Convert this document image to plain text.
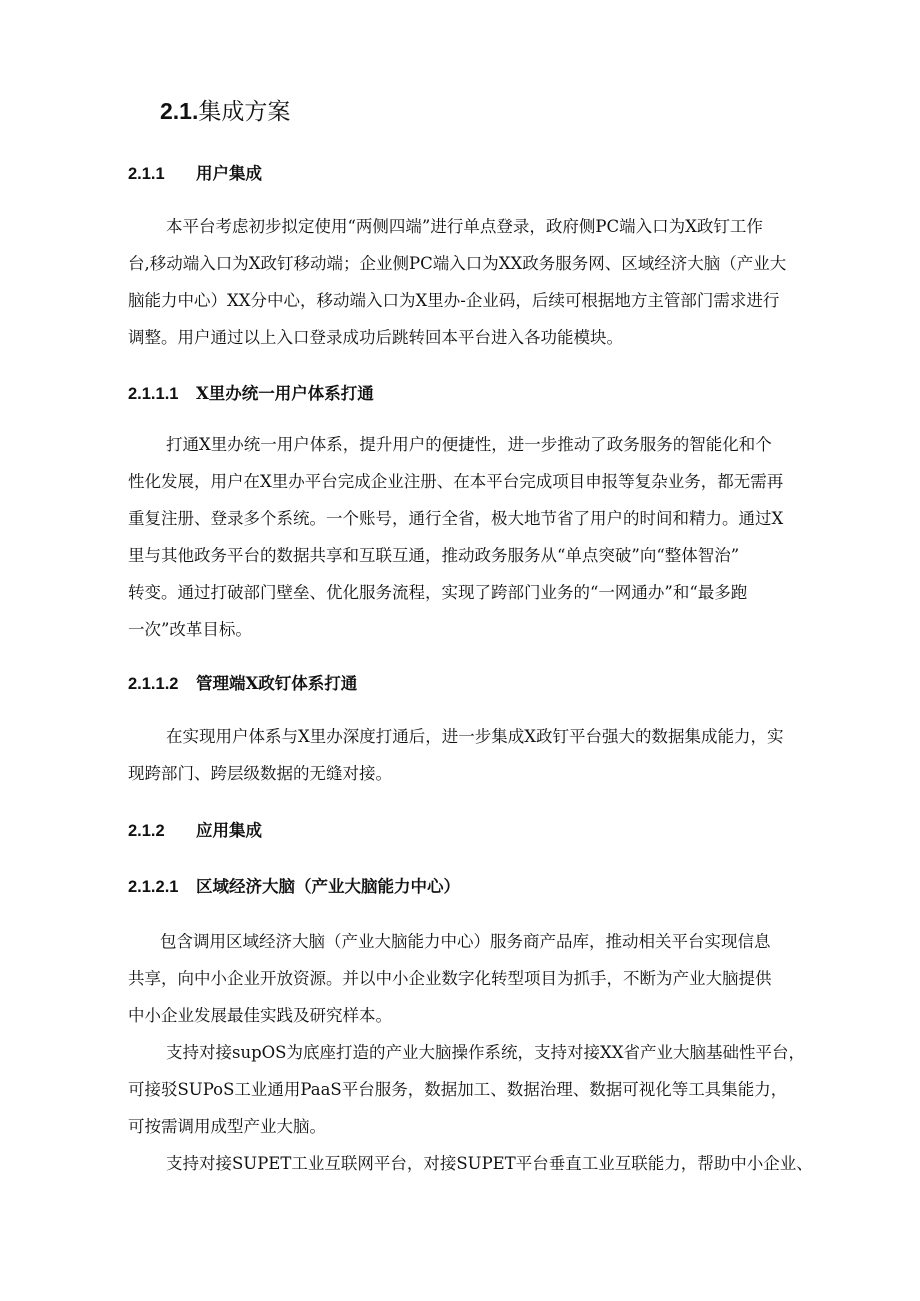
2.1.集成方案
2.1.1 用户集成
本平台考虑初步拟定使用“两侧四端”进行单点登录，政府侧PC端入口为X政钉工作
台,移动端入口为X政钉移动端；企业侧PC端入口为XX政务服务网、区域经济大脑（产业大
脑能力中心）XX分中心，移动端入口为X里办-企业码，后续可根据地方主管部门需求进行
调整。用户通过以上入口登录成功后跳转回本平台进入各功能模块。
2.1.1.1 X里办统一用户体系打通
打通X里办统一用户体系，提升用户的便捷性，进一步推动了政务服务的智能化和个
性化发展，用户在X里办平台完成企业注册、在本平台完成项目申报等复杂业务，都无需再
重复注册、登录多个系统。一个账号，通行全省，极大地节省了用户的时间和精力。通过X
里与其他政务平台的数据共享和互联互通，推动政务服务从“单点突破”向“整体智治”
转变。通过打破部门壁垒、优化服务流程，实现了跨部门业务的“一网通办”和“最多跑
一次”改革目标。
2.1.1.2 管理端X政钉体系打通
在实现用户体系与X里办深度打通后，进一步集成X政钉平台强大的数据集成能力，实
现跨部门、跨层级数据的无缝对接。
2.1.2 应用集成
2.1.2.1 区域经济大脑（产业大脑能力中心）
包含调用区域经济大脑（产业大脑能力中心）服务商产品库，推动相关平台实现信息
共享，向中小企业开放资源。并以中小企业数字化转型项目为抓手，不断为产业大脑提供
中小企业发展最佳实践及研究样本。
支持对接supOS为底座打造的产业大脑操作系统，支持对接XX省产业大脑基础性平台，
可接驳SUPoS工业通用PaaS平台服务，数据加工、数据治理、数据可视化等工具集能力，
可按需调用成型产业大脑。
支持对接SUPET工业互联网平台，对接SUPET平台垂直工业互联能力，帮助中小企业、
